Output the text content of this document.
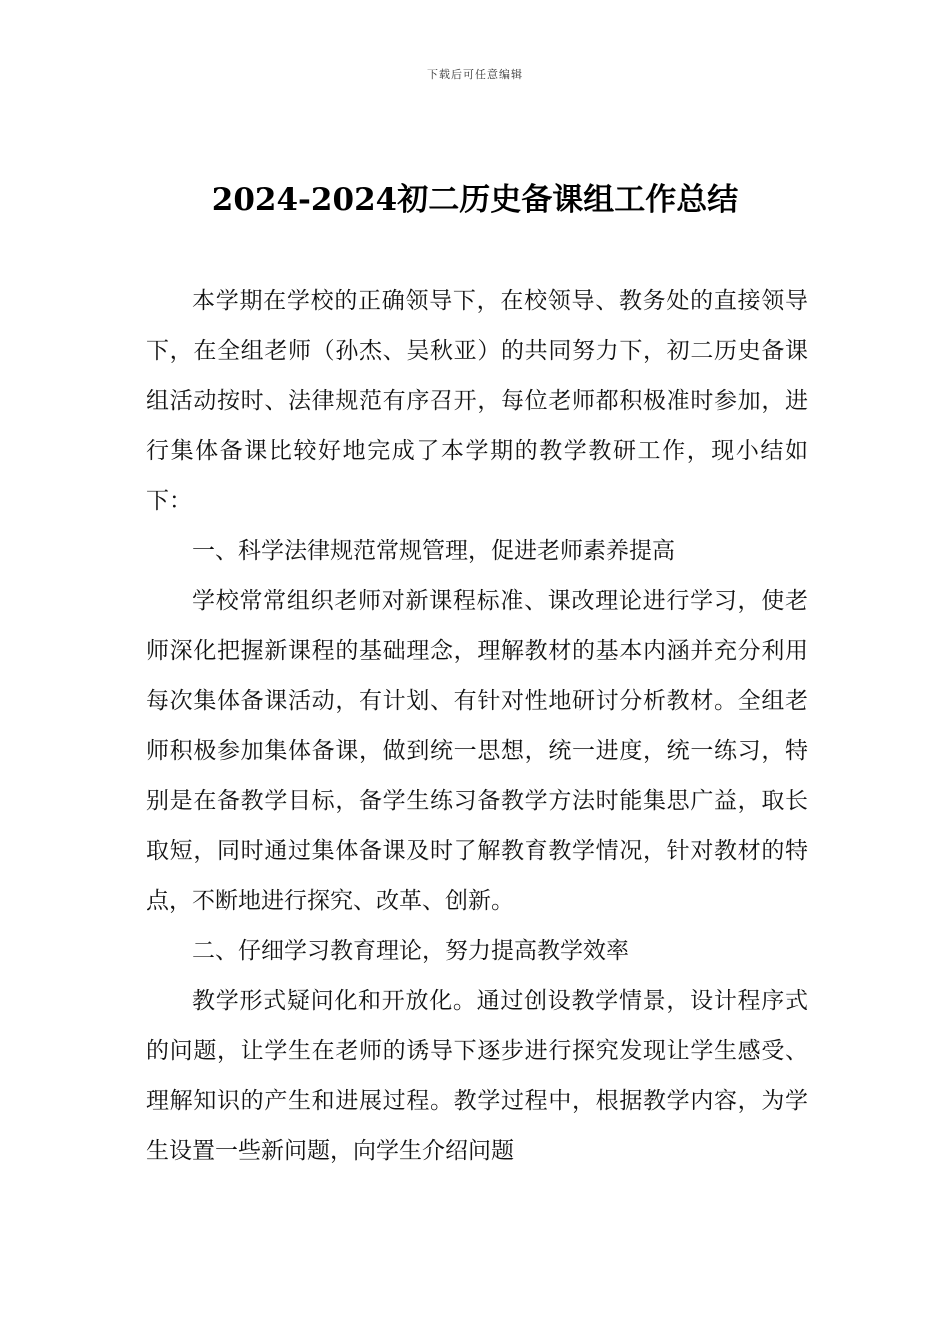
下载后可任意编辑
2024-2024初二历史备课组工作总结

本学期在学校的正确领导下，在校领导、教务处的直接领导下，在全组老师（孙杰、吴秋亚）的共同努力下，初二历史备课组活动按时、法律规范有序召开，每位老师都积极准时参加，进行集体备课比较好地完成了本学期的教学教研工作，现小结如下：

一、科学法律规范常规管理，促进老师素养提高

学校常常组织老师对新课程标准、课改理论进行学习，使老师深化把握新课程的基础理念，理解教材的基本内涵并充分利用每次集体备课活动，有计划、有针对性地研讨分析教材。全组老师积极参加集体备课，做到统一思想，统一进度，统一练习，特别是在备教学目标，备学生练习备教学方法时能集思广益，取长取短，同时通过集体备课及时了解教育教学情况，针对教材的特点，不断地进行探究、改革、创新。

二、仔细学习教育理论，努力提高教学效率

教学形式疑问化和开放化。通过创设教学情景，设计程序式的问题，让学生在老师的诱导下逐步进行探究发现让学生感受、理解知识的产生和进展过程。教学过程中，根据教学内容，为学生设置一些新问题，向学生介绍问题
